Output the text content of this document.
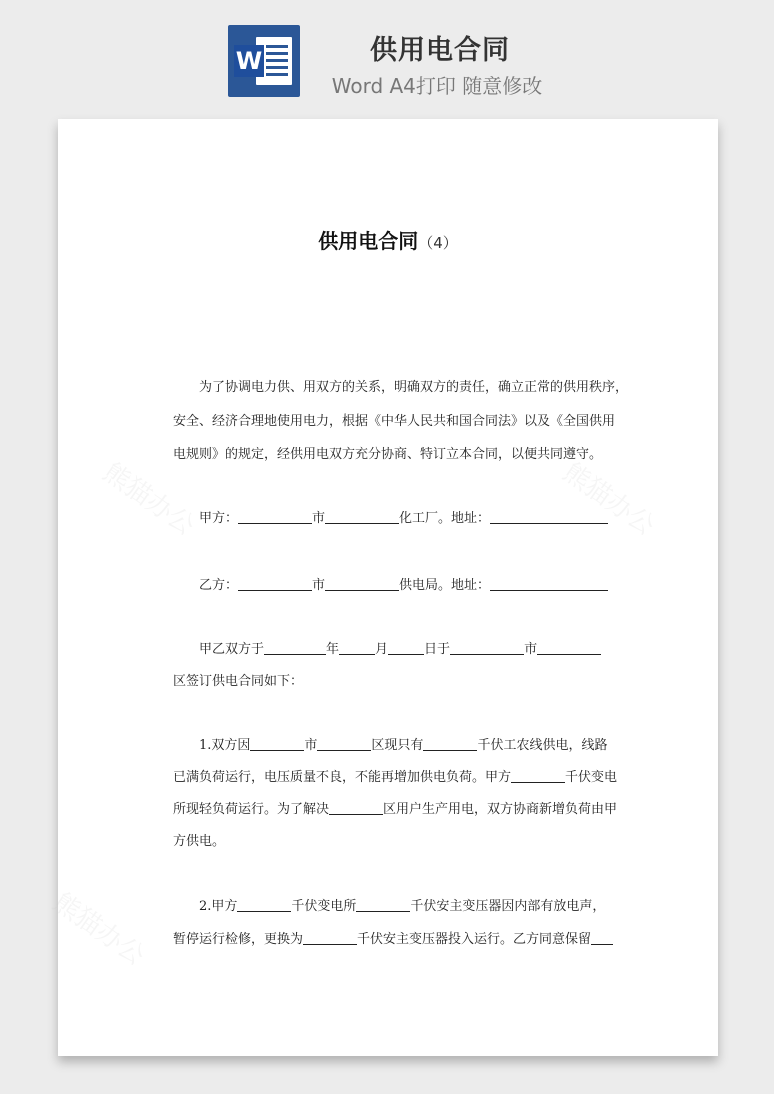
W	供用电合同
Word A4打印 随意修改
熊猫办公	熊猫办公
熊猫办公
供用电合同（4）
为了协调电力供、用双方的关系，明确双方的责任，确立正常的供用秩序，
安全、经济合理地使用电力，根据《中华人民共和国合同法》以及《全国供用
电规则》的规定，经供用电双方充分协商、特订立本合同，以便共同遵守。
甲方：	市	化工厂。地址：
乙方：	市	供电局。地址：
甲乙双方于	年	月	日于	市
区签订供电合同如下：
1.双方因	市	区现只有	千伏工农线供电，线路
已满负荷运行，电压质量不良，不能再增加供电负荷。甲方	千伏变电
所现轻负荷运行。为了解决	区用户生产用电，双方协商新增负荷由甲
方供电。
2.甲方	千伏变电所	千伏安主变压器因内部有放电声，
暂停运行检修，更换为	千伏安主变压器投入运行。乙方同意保留
